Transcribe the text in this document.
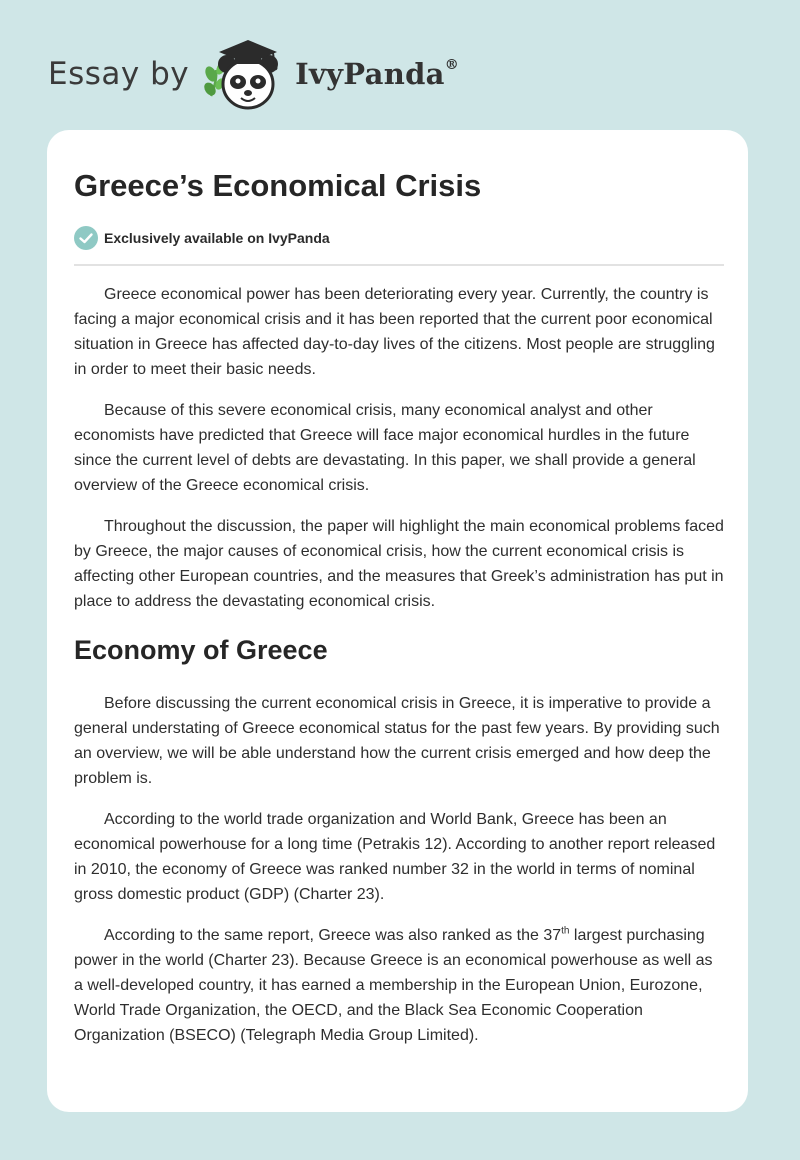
Essay by	IvyPanda®
Greece’s Economical Crisis
Exclusively available on IvyPanda

Greece economical power has been deteriorating every year. Currently, the country is facing a major economical crisis and it has been reported that the current poor economical situation in Greece has affected day-to-day lives of the citizens. Most people are struggling in order to meet their basic needs.

Because of this severe economical crisis, many economical analyst and other economists have predicted that Greece will face major economical hurdles in the future since the current level of debts are devastating. In this paper, we shall provide a general overview of the Greece economical crisis.

Throughout the discussion, the paper will highlight the main economical problems faced by Greece, the major causes of economical crisis, how the current economical crisis is affecting other European countries, and the measures that Greek’s administration has put in place to address the devastating economical crisis.

Economy of Greece

Before discussing the current economical crisis in Greece, it is imperative to provide a general understating of Greece economical status for the past few years. By providing such an overview, we will be able understand how the current crisis emerged and how deep the problem is.

According to the world trade organization and World Bank, Greece has been an economical powerhouse for a long time (Petrakis 12). According to another report released in 2010, the economy of Greece was ranked number 32 in the world in terms of nominal gross domestic product (GDP) (Charter 23).

According to the same report, Greece was also ranked as the 37th largest purchasing power in the world (Charter 23). Because Greece is an economical powerhouse as well as a well-developed country, it has earned a membership in the European Union, Eurozone, World Trade Organization, the OECD, and the Black Sea Economic Cooperation Organization (BSECO) (Telegraph Media Group Limited).
